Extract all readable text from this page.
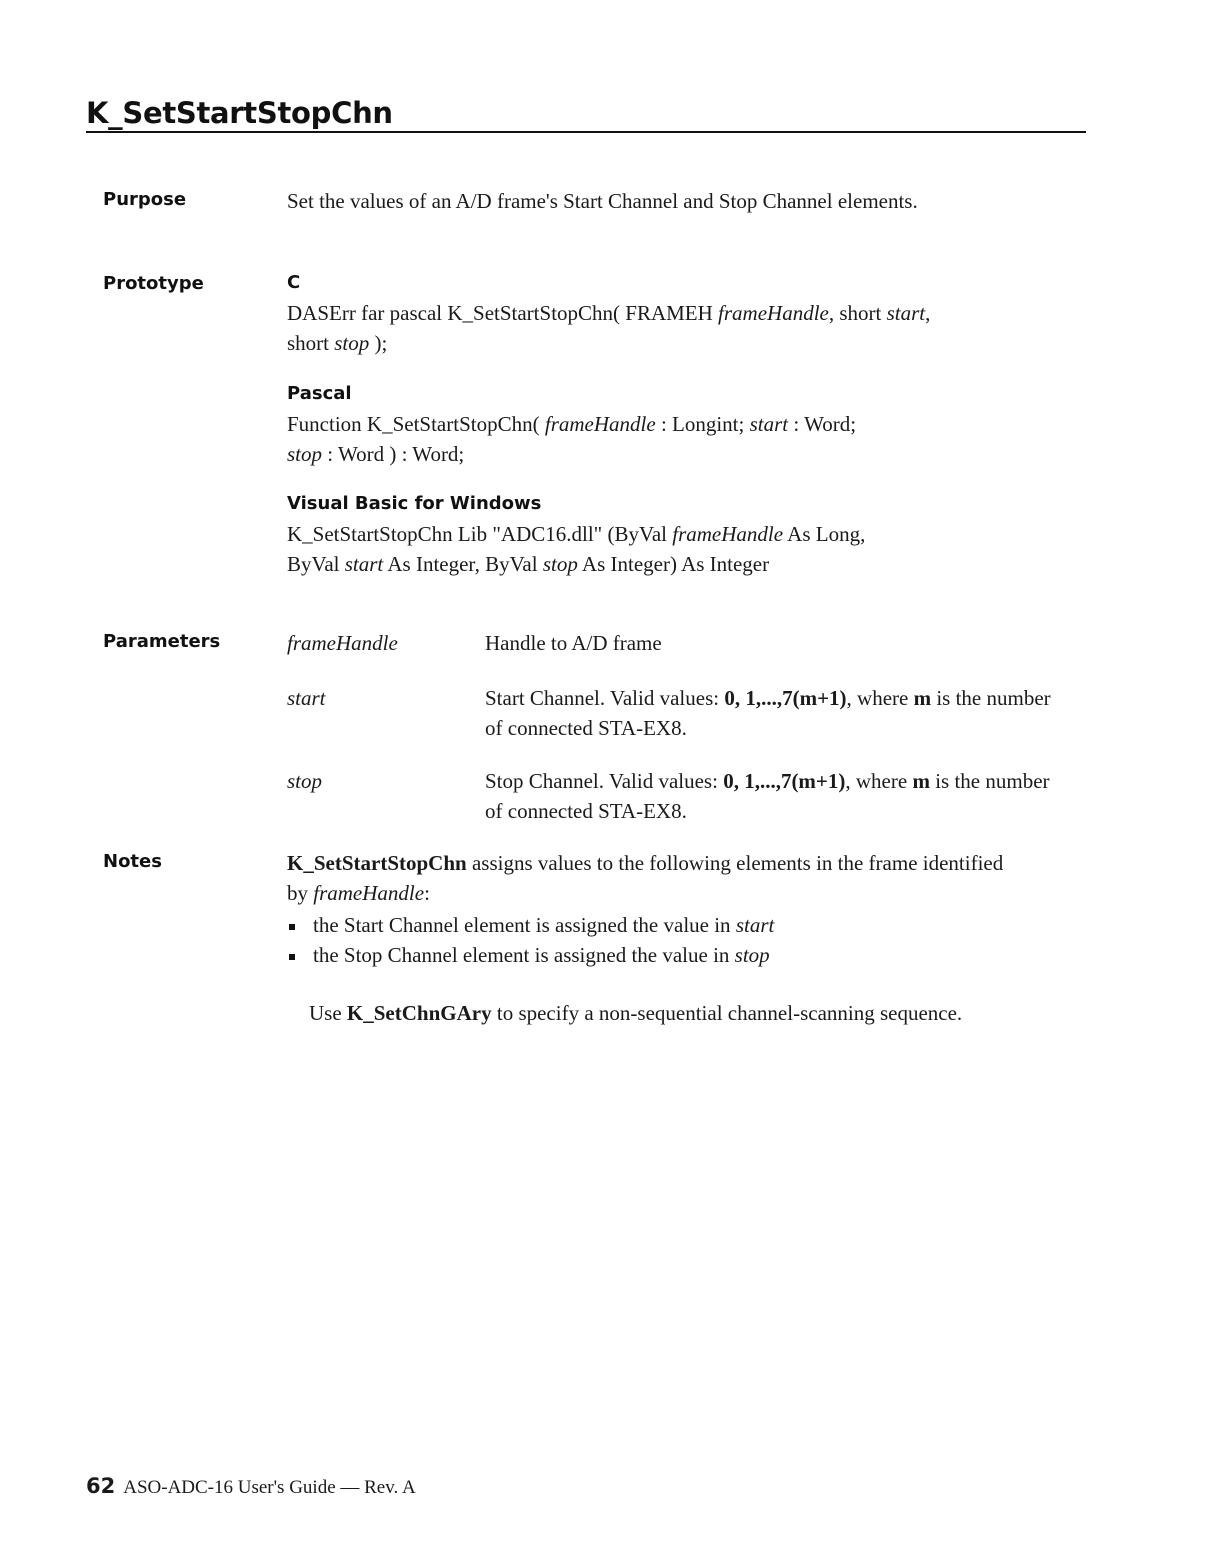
K_SetStartStopChn
Purpose	Set the values of an A/D frame's Start Channel and Stop Channel elements.
Prototype	C
DASErr far pascal K_SetStartStopChn( FRAMEH frameHandle, short start,
short stop );
Pascal
Function K_SetStartStopChn( frameHandle : Longint; start : Word;
stop : Word ) : Word;
Visual Basic for Windows
K_SetStartStopChn Lib "ADC16.dll" (ByVal frameHandle As Long,
ByVal start As Integer, ByVal stop As Integer) As Integer
Parameters	frameHandle	Handle to A/D frame
start	Start Channel. Valid values: 0, 1,...,7(m+1), where m is the number of connected STA-EX8.
stop	Stop Channel. Valid values: 0, 1,...,7(m+1), where m is the number of connected STA-EX8.
Notes	K_SetStartStopChn assigns values to the following elements in the frame identified by frameHandle:
the Start Channel element is assigned the value in start
the Stop Channel element is assigned the value in stop
Use K_SetChnGAry to specify a non-sequential channel-scanning sequence.
62 ASO-ADC-16 User's Guide — Rev. A
